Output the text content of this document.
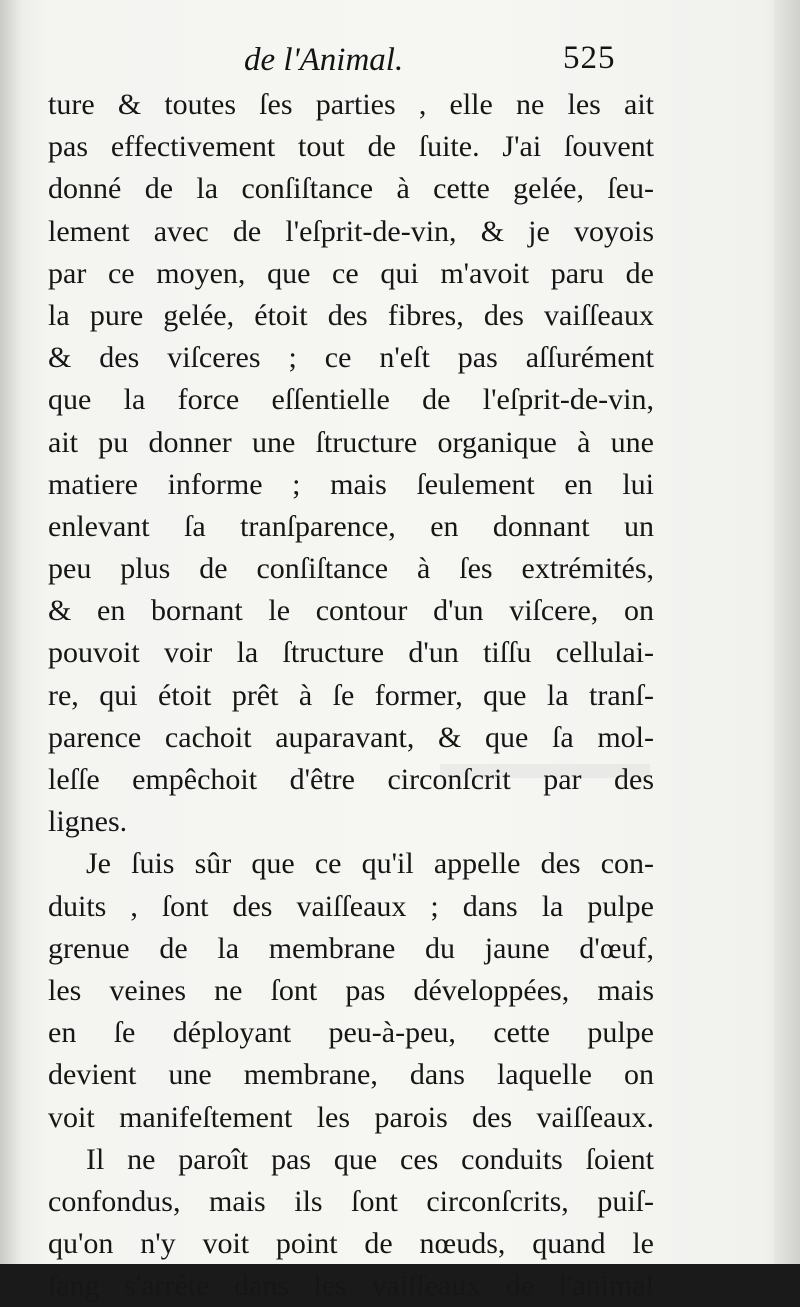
de l'Animal.	525
ture & toutes ſes parties , elle ne les ait
pas effectivement tout de ſuite. J'ai ſouvent
donné de la conſiſtance à cette gelée, ſeu-
lement avec de l'eſprit-de-vin, & je voyois
par ce moyen, que ce qui m'avoit paru de
la pure gelée, étoit des fibres, des vaiſſeaux
& des viſceres ; ce n'eſt pas aſſurément
que la force eſſentielle de l'eſprit-de-vin,
ait pu donner une ſtructure organique à une
matiere informe ; mais ſeulement en lui
enlevant ſa tranſparence, en donnant un
peu plus de conſiſtance à ſes extrémités,
& en bornant le contour d'un viſcere, on
pouvoit voir la ſtructure d'un tiſſu cellulai-
re, qui étoit prêt à ſe former, que la tranſ-
parence cachoit auparavant, & que ſa mol-
leſſe empêchoit d'être circonſcrit par des
lignes.
Je ſuis sûr que ce qu'il appelle des con-
duits , ſont des vaiſſeaux ; dans la pulpe
grenue de la membrane du jaune d'œuf,
les veines ne ſont pas développées, mais
en ſe déployant peu-à-peu, cette pulpe
devient une membrane, dans laquelle on
voit manifeſtement les parois des vaiſſeaux.
Il ne paroît pas que ces conduits ſoient
confondus, mais ils ſont circonſcrits, puiſ-
qu'on n'y voit point de nœuds, quand le
ſang s'arrête dans les vaiſſeaux de l'animal
